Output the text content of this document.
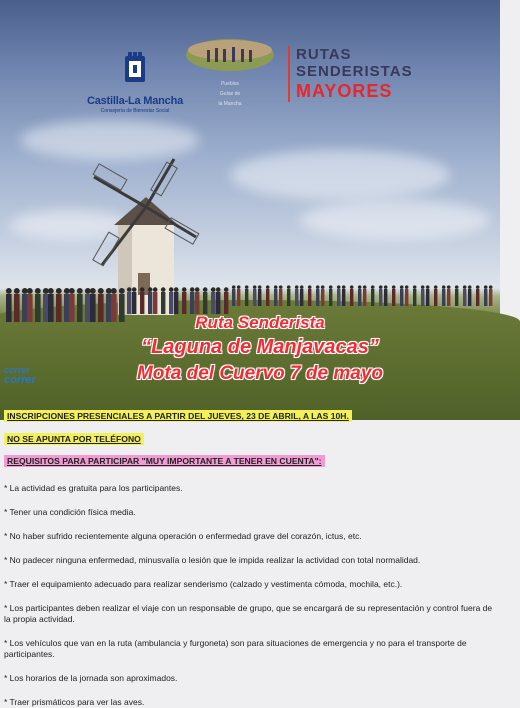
Castilla-La Mancha
Consejería de Bienestar Social
Pueblos
Guías de
la Mancha
RUTAS
SENDERISTAS
MAYORES
Ruta Senderista
“Laguna de Manjavacas”
Mota del Cuervo 7 de mayo
correr
correr
INSCRIPCIONES PRESENCIALES A PARTIR DEL JUEVES, 23 DE ABRIL, A LAS 10H.
NO SE APUNTA POR TELÉFONO
REQUISITOS PARA PARTICIPAR "MUY IMPORTANTE A TENER EN CUENTA":
* La actividad es gratuita para los participantes.
* Tener una condición física media.
* No haber sufrido recientemente alguna operación o enfermedad grave del corazón, ictus, etc.
* No padecer ninguna enfermedad, minusvalía o lesión que le impida realizar la actividad con total normalidad.
* Traer el equipamiento adecuado para realizar senderismo (calzado y vestimenta cómoda, mochila, etc.).
* Los participantes deben realizar el viaje con un responsable de grupo, que se encargará de su representación y control fuera de la propia actividad.
* Los vehículos que van en la ruta (ambulancia y furgoneta) son para situaciones de emergencia y no para el transporte de participantes.
* Los horarios de la jornada son aproximados.
* Traer prismáticos para ver las aves.
